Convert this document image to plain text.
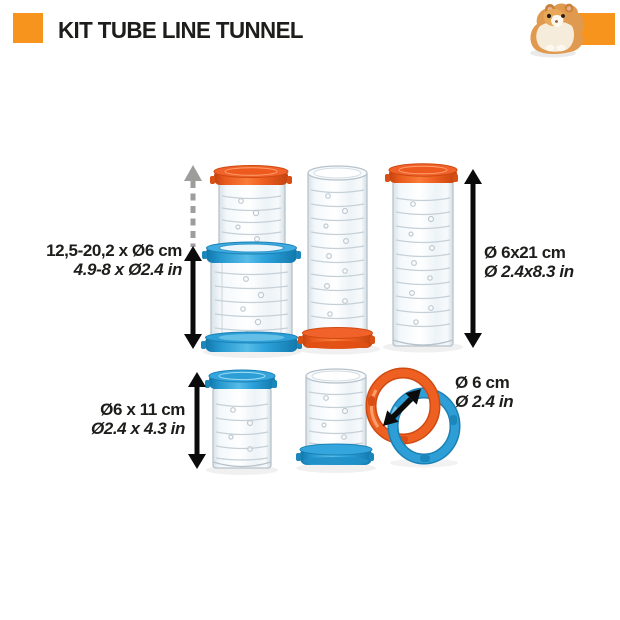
KIT TUBE LINE TUNNEL
12,5-20,2 x Ø6 cm
4.9-8 x Ø2.4 in
Ø 6x21 cm
Ø 2.4x8.3 in
Ø6 x 11 cm
Ø2.4 x 4.3 in
Ø 6 cm
Ø 2.4 in
